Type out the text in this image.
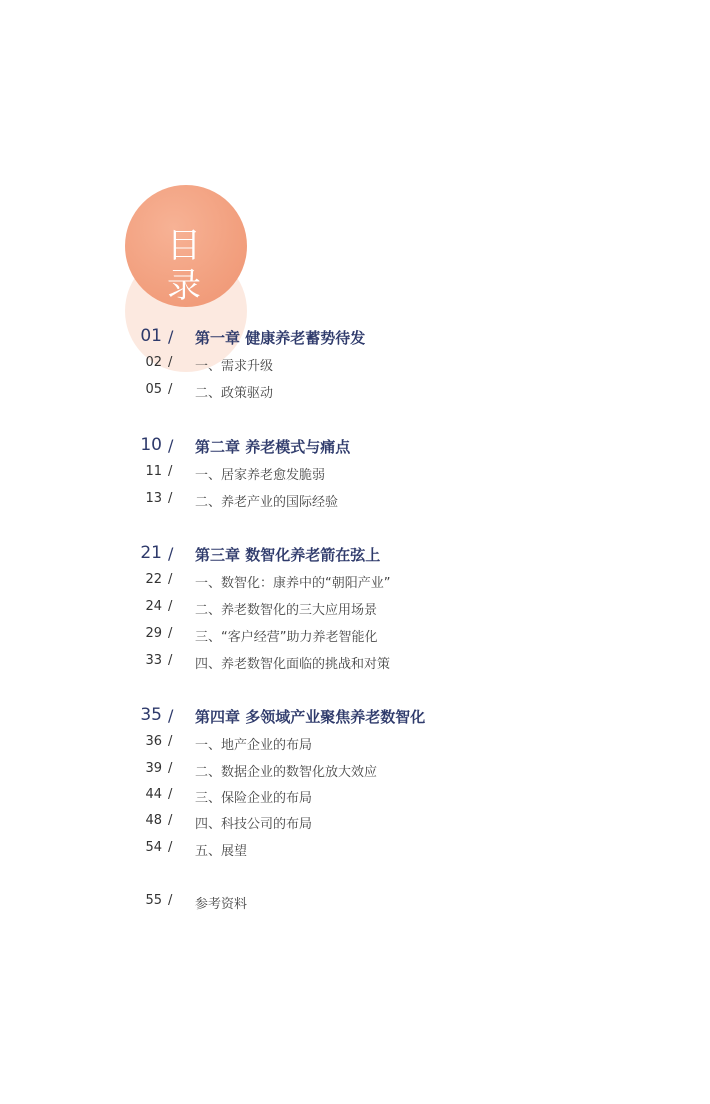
目 录
01 / 第一章 健康养老蓄势待发
02 / 一、需求升级
05 / 二、政策驱动
10 / 第二章 养老模式与痛点
11 / 一、居家养老愈发脆弱
13 / 二、养老产业的国际经验
21 / 第三章 数智化养老箭在弦上
22 / 一、数智化：康养中的“朝阳产业”
24 / 二、养老数智化的三大应用场景
29 / 三、“客户经营”助力养老智能化
33 / 四、养老数智化面临的挑战和对策
35 / 第四章 多领域产业聚焦养老数智化
36 / 一、地产企业的布局
39 / 二、数据企业的数智化放大效应
44 / 三、保险企业的布局
48 / 四、科技公司的布局
54 / 五、展望
55 / 参考资料
